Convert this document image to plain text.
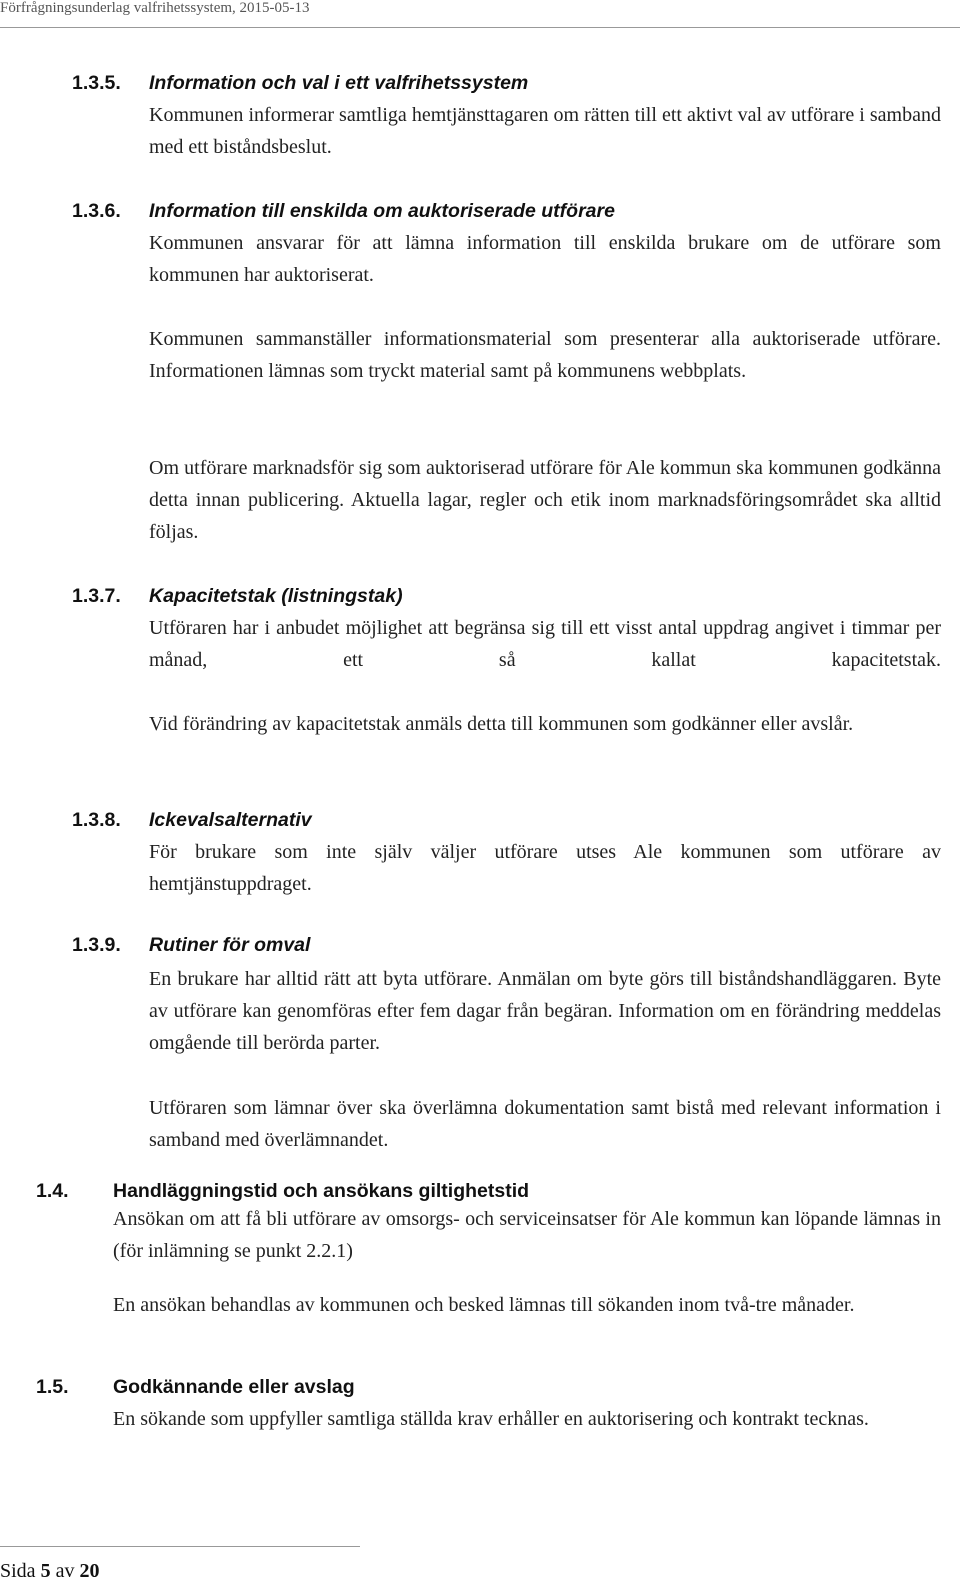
Förfrågningsunderlag valfrihetssystem, 2015-05-13
1.3.5. Information och val i ett valfrihetssystem

Kommunen informerar samtliga hemtjänsttagaren om rätten till ett aktivt val av utförare i samband med ett biståndsbeslut.

1.3.6. Information till enskilda om auktoriserade utförare

Kommunen ansvarar för att lämna information till enskilda brukare om de utförare som kommunen har auktoriserat.

Kommunen sammanställer informationsmaterial som presenterar alla auktoriserade utförare. Informationen lämnas som tryckt material samt på kommunens webbplats.

Om utförare marknadsför sig som auktoriserad utförare för Ale kommun ska kommunen godkänna detta innan publicering. Aktuella lagar, regler och etik inom marknadsföringsområdet ska alltid följas.

1.3.7. Kapacitetstak (listningstak)

Utföraren har i anbudet möjlighet att begränsa sig till ett visst antal uppdrag angivet i timmar per månad, ett så kallat kapacitetstak.

Vid förändring av kapacitetstak anmäls detta till kommunen som godkänner eller avslår.

1.3.8. Ickevalsalternativ

För brukare som inte själv väljer utförare utses Ale kommunen som utförare av hemtjänstuppdraget.

1.3.9. Rutiner för omval

En brukare har alltid rätt att byta utförare. Anmälan om byte görs till biståndshandläggaren. Byte av utförare kan genomföras efter fem dagar från begäran. Information om en förändring meddelas omgående till berörda parter.

Utföraren som lämnar över ska överlämna dokumentation samt bistå med relevant information i samband med överlämnandet.

1.4. Handläggningstid och ansökans giltighetstid

Ansökan om att få bli utförare av omsorgs- och serviceinsatser för Ale kommun kan löpande lämnas in (för inlämning se punkt 2.2.1)

En ansökan behandlas av kommunen och besked lämnas till sökanden inom två-tre månader.

1.5. Godkännande eller avslag

En sökande som uppfyller samtliga ställda krav erhåller en auktorisering och kontrakt tecknas.

Sida 5 av 20
